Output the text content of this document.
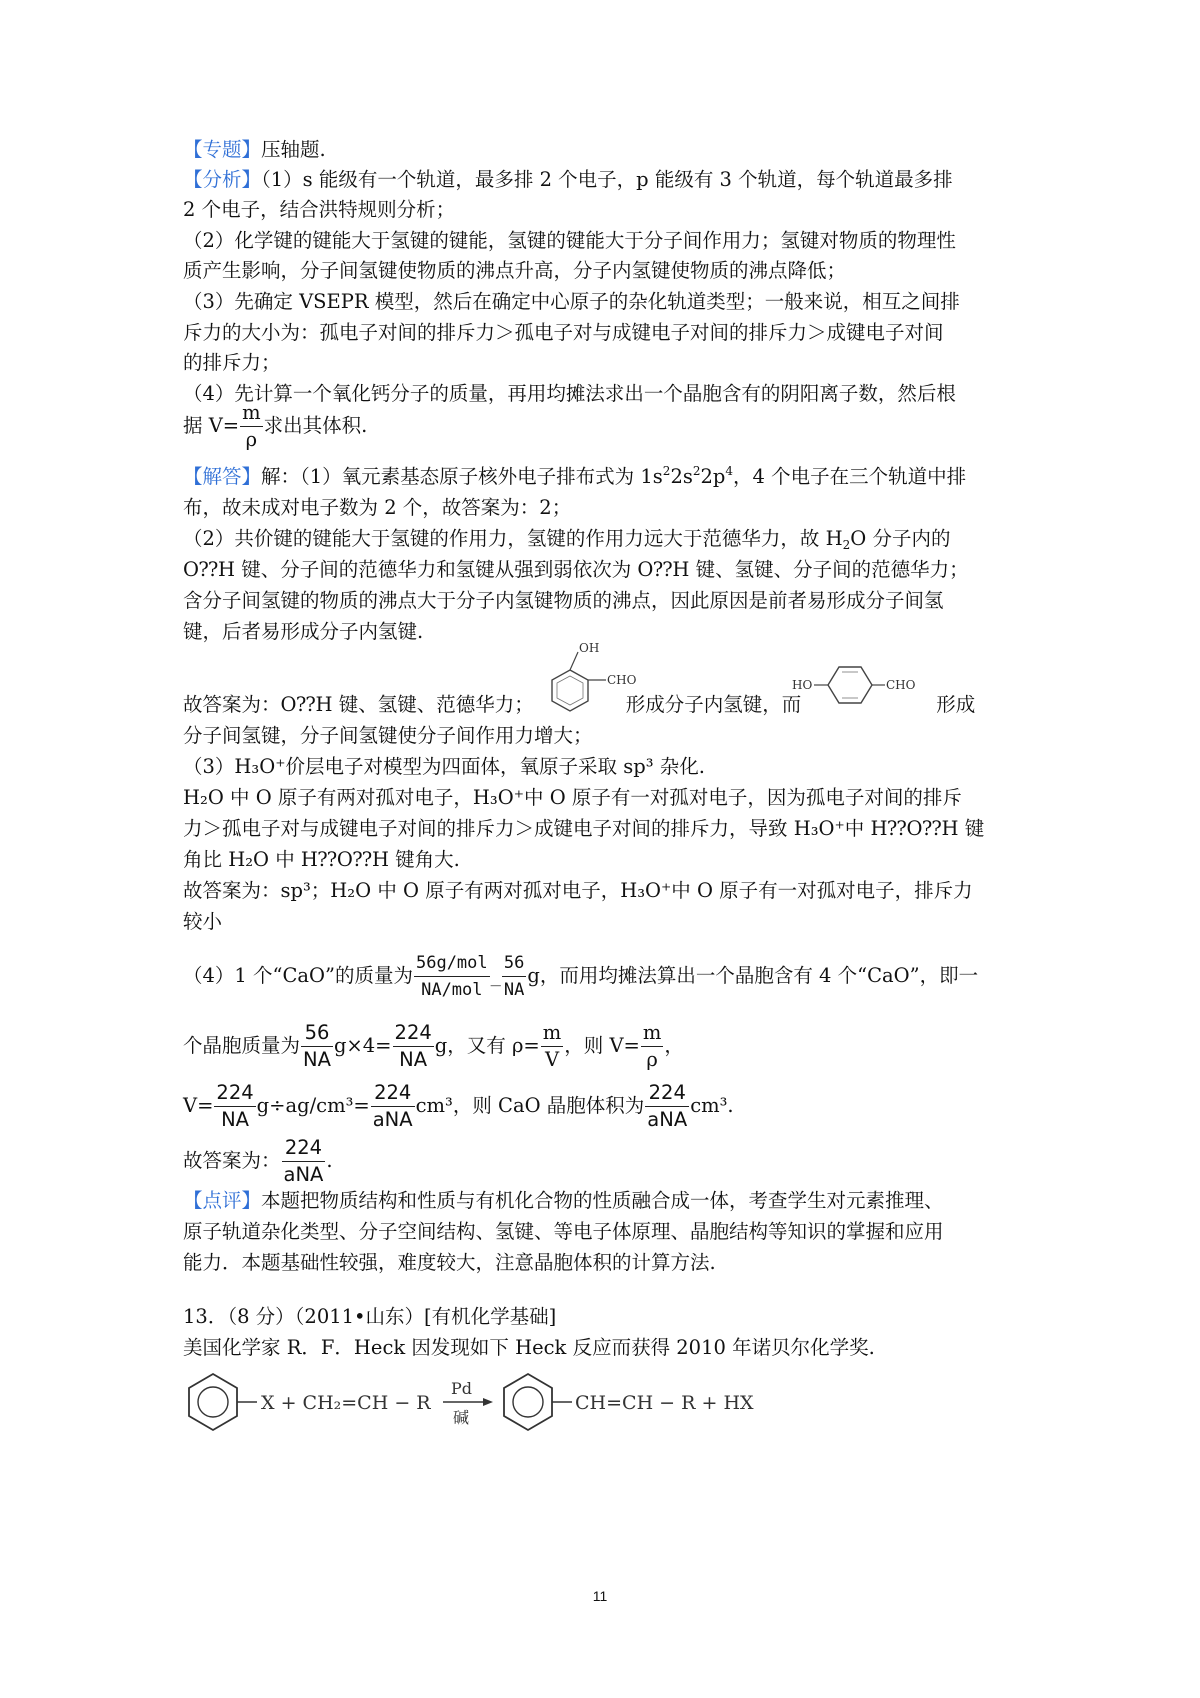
【专题】压轴题.
【分析】（1）s 能级有一个轨道，最多排 2 个电子，p 能级有 3 个轨道，每个轨道最多排
2 个电子，结合洪特规则分析；
（2）化学键的键能大于氢键的键能，氢键的键能大于分子间作用力；氢键对物质的物理性
质产生影响，分子间氢键使物质的沸点升高，分子内氢键使物质的沸点降低；
（3）先确定 VSEPR 模型，然后在确定中心原子的杂化轨道类型；一般来说，相互之间排
斥力的大小为：孤电子对间的排斥力＞孤电子对与成键电子对间的排斥力＞成键电子对间
的排斥力；
（4）先计算一个氧化钙分子的质量，再用均摊法求出一个晶胞含有的阴阳离子数，然后根
据 $V= \frac{m}{\rho}$ 求出其体积.
【解答】解：（1）氧元素基态原子核外电子排布式为 $1s^22s^22p^4$，4 个电子在三个轨道中排
布，故未成对电子数为 2 个，故答案为：2；
（2）共价键的键能大于氢键的作用力，氢键的作用力远大于范德华力，故 $H_2O$ 分子内的
O⁇H 键、分子间的范德华力和氢键从强到弱依次为 O⁇H 键、氢键、分子间的范德华力；
含分子间氢键的物质的沸点大于分子内氢键物质的沸点，因此原因是前者易形成分子间氢
键，后者易形成分子内氢键.
故答案为：O⁇H 键、氢键、范德华力；	形成分子内氢键，而	形成
OH
CHO	HO	CHO
分子间氢键，分子间氢键使分子间作用力增大；
（3）H₃O⁺价层电子对模型为四面体，氧原子采取 sp³ 杂化.
H₂O 中 O 原子有两对孤对电子，H₃O⁺中 O 原子有一对孤对电子，因为孤电子对间的排斥
力＞孤电子对与成键电子对间的排斥力＞成键电子对间的排斥力，导致 H₃O⁺中 H⁇O⁇H 键
角比 H₂O 中 H⁇O⁇H 键角大.
故答案为：sp³；H₂O 中 O 原子有两对孤对电子，H₃O⁺中 O 原子有一对孤对电子，排斥力
较小
（4）1 个“CaO”的质量为 $\frac{\text{56g/mol}}{\text{NA/mol}}$ _ $\frac{56}{NA}$ g，而用均摊法算出一个晶胞含有 4 个“CaO”，即一
个晶胞质量为 $\frac{56}{NA} g\times 4= \frac{224}{NA}$ g，又有 $\rho= \frac{m}{V}$ ，则 $V= \frac{m}{\rho}$ ，
$V= \frac{224}{NA} g\div ag/cm^3= \frac{224}{\text{aNA}} cm^3$，则 CaO 晶胞体积为 $\frac{224}{\text{aNA}} cm^3$.
故答案为： $\frac{224}{\text{aNA}}$ .
【点评】本题把物质结构和性质与有机化合物的性质融合成一体，考查学生对元素推理、
原子轨道杂化类型、分子空间结构、氢键、等电子体原理、晶胞结构等知识的掌握和应用
能力．本题基础性较强，难度较大，注意晶胞体积的计算方法.
13．（8 分）（2011•山东）[有机化学基础]
美国化学家 R．F．Heck 因发现如下 Heck 反应而获得 2010 年诺贝尔化学奖.
X + CH₂=CH − R
Pd
碱
CH=CH − R + HX
11
